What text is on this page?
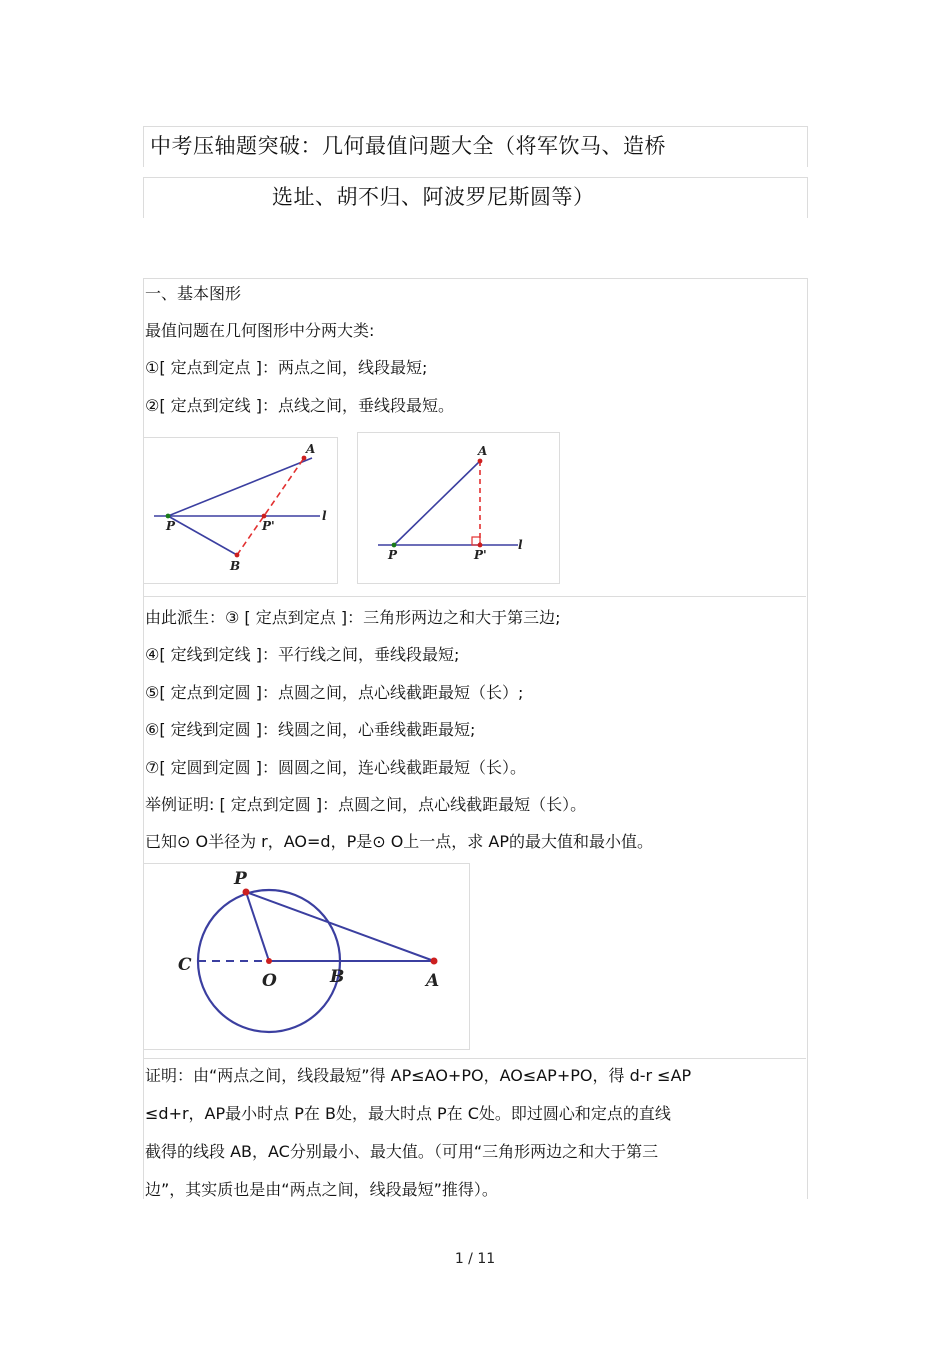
中考压轴题突破：几何最值问题大全（将军饮马、造桥
选址、胡不归、阿波罗尼斯圆等）
一、基本图形
最值问题在几何图形中分两大类:
①[ 定点到定点 ]：两点之间，线段最短;
②[ 定点到定线 ]：点线之间，垂线段最短。
A
B
P	P'
l
A
P	P'
l
由此派生：③ [ 定点到定点 ]：三角形两边之和大于第三边;
④[ 定线到定线 ]：平行线之间，垂线段最短;
⑤[ 定点到定圆 ]：点圆之间，点心线截距最短（长）;
⑥[ 定线到定圆 ]：线圆之间，心垂线截距最短;
⑦[ 定圆到定圆 ]：圆圆之间，连心线截距最短（长）。
举例证明: [ 定点到定圆 ]：点圆之间，点心线截距最短（长）。
已知⊙ O半径为 r，AO=d，P是⊙ O上一点，求 AP的最大值和最小值。
P
C
O	B	A
证明：由“两点之间，线段最短”得 AP≤AO+PO，AO≤AP+PO，得 d-r ≤AP
≤d+r，AP最小时点 P在 B处，最大时点 P在 C处。即过圆心和定点的直线
截得的线段 AB，AC分别最小、最大值。（可用“三角形两边之和大于第三
边”，其实质也是由“两点之间，线段最短”推得）。
1 / 11
